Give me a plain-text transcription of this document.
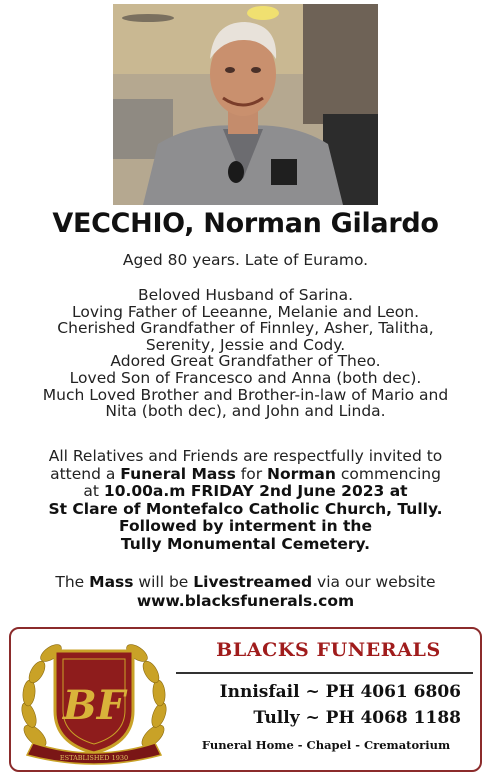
VECCHIO, Norman Gilardo
Aged 80 years. Late of Euramo.
Beloved Husband of Sarina.
Loving Father of Leeanne, Melanie and Leon.
Cherished Grandfather of Finnley, Asher, Talitha,
Serenity, Jessie and Cody.
Adored Great Grandfather of Theo.
Loved Son of Francesco and Anna (both dec).
Much Loved Brother and Brother-in-law of Mario and
Nita (both dec), and John and Linda.
All Relatives and Friends are respectfully invited to
attend a Funeral Mass for Norman commencing
at 10.00a.m FRIDAY 2nd June 2023 at
St Clare of Montefalco Catholic Church, Tully.
Followed by interment in the
Tully Monumental Cemetery.
The Mass will be Livestreamed via our website
www.blacksfunerals.com
BF
ESTABLISHED 1930
BLACKS FUNERALS
Innisfail ~ PH 4061 6806
Tully ~ PH 4068 1188
Funeral Home - Chapel - Crematorium
